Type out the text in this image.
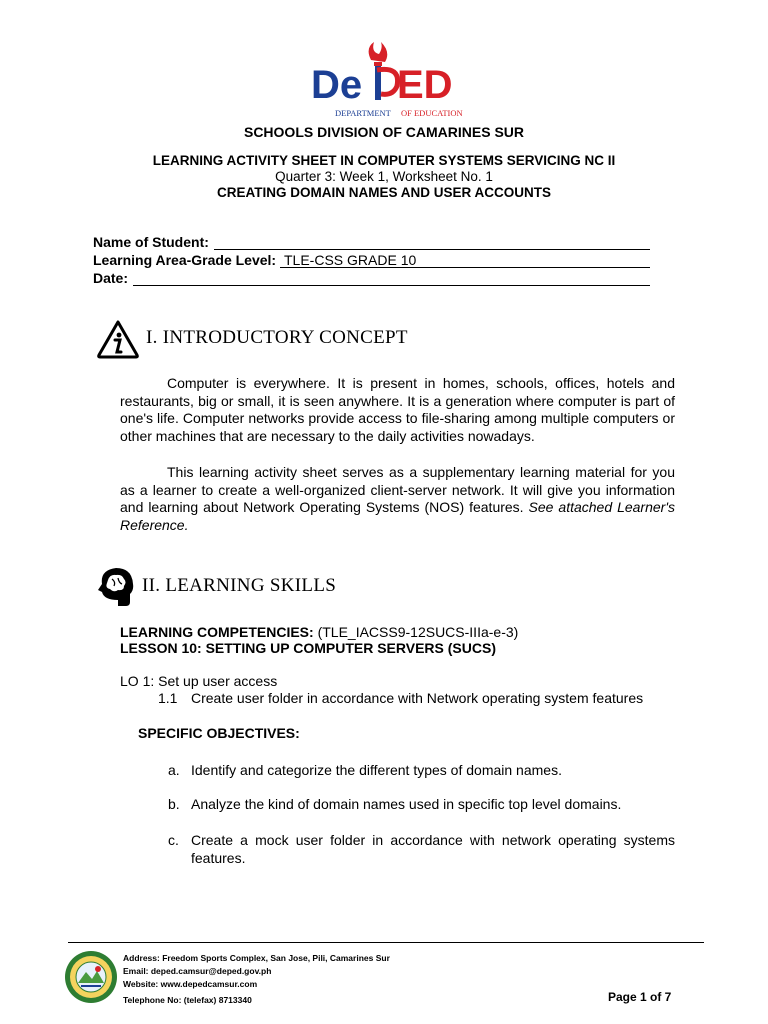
De ED
DEPARTMENT OF EDUCATION
SCHOOLS DIVISION OF CAMARINES SUR
LEARNING ACTIVITY SHEET IN COMPUTER SYSTEMS SERVICING NC II
Quarter 3: Week 1, Worksheet No. 1
CREATING DOMAIN NAMES AND USER ACCOUNTS
Name of Student:
Learning Area-Grade Level: TLE-CSS GRADE 10
Date:
I. INTRODUCTORY CONCEPT
Computer is everywhere. It is present in homes, schools, offices, hotels and restaurants, big or small, it is seen anywhere. It is a generation where computer is part of one's life. Computer networks provide access to file-sharing among multiple computers or other machines that are necessary to the daily activities nowadays.
This learning activity sheet serves as a supplementary learning material for you as a learner to create a well-organized client-server network. It will give you information and learning about Network Operating Systems (NOS) features. See attached Learner's Reference.
II. LEARNING SKILLS
LEARNING COMPETENCIES: (TLE_IACSS9-12SUCS-IIIa-e-3)
LESSON 10: SETTING UP COMPUTER SERVERS (SUCS)
LO 1: Set up user access
1.1 Create user folder in accordance with Network operating system features
SPECIFIC OBJECTIVES:
a. Identify and categorize the different types of domain names.
b. Analyze the kind of domain names used in specific top level domains.
c. Create a mock user folder in accordance with network operating systems features.
Address: Freedom Sports Complex, San Jose, Pili, Camarines Sur
Email: deped.camsur@deped.gov.ph
Website: www.depedcamsur.com
Telephone No: (telefax) 8713340	Page 1 of 7
